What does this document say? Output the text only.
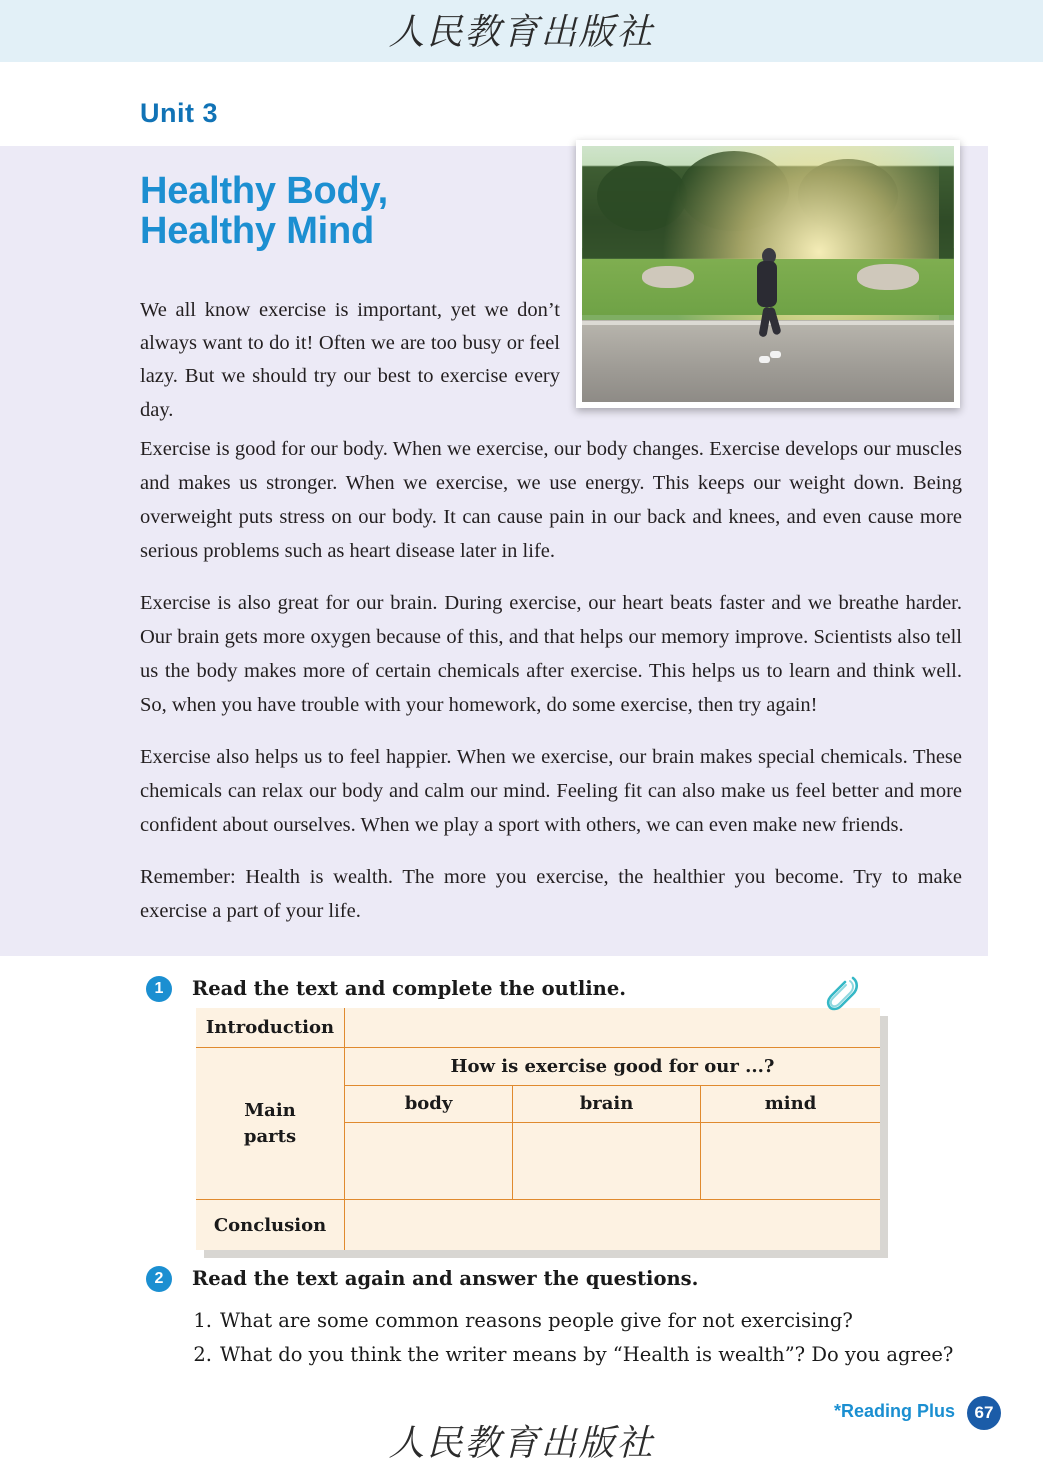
人民教育出版社
Unit 3
Healthy Body,
Healthy Mind
We all know exercise is important, yet we don’t always want to do it! Often we are too busy or feel lazy. But we should try our best to exercise every day.

Exercise is good for our body. When we exercise, our body changes. Exercise develops our muscles and makes us stronger. When we exercise, we use energy. This keeps our weight down. Being overweight puts stress on our body. It can cause pain in our back and knees, and even cause more serious problems such as heart disease later in life.

Exercise is also great for our brain. During exercise, our heart beats faster and we breathe harder. Our brain gets more oxygen because of this, and that helps our memory improve. Scientists also tell us the body makes more of certain chemicals after exercise. This helps us to learn and think well. So, when you have trouble with your homework, do some exercise, then try again!

Exercise also helps us to feel happier. When we exercise, our brain makes special chemicals. These chemicals can relax our body and calm our mind. Feeling fit can also make us feel better and more confident about ourselves. When we play a sport with others, we can even make new friends.

Remember: Health is wealth. The more you exercise, the healthier you become. Try to make exercise a part of your life.

1	Read the text and complete the outline.
Introduction			

Main
parts	How is exercise good for our ...?		
	body	brain	mind

Conclusion			
2	Read the text again and answer the questions.
1. What are some common reasons people give for not exercising?
2. What do you think the writer means by “Health is wealth”? Do you agree?
人民教育出版社
*Reading Plus	67
